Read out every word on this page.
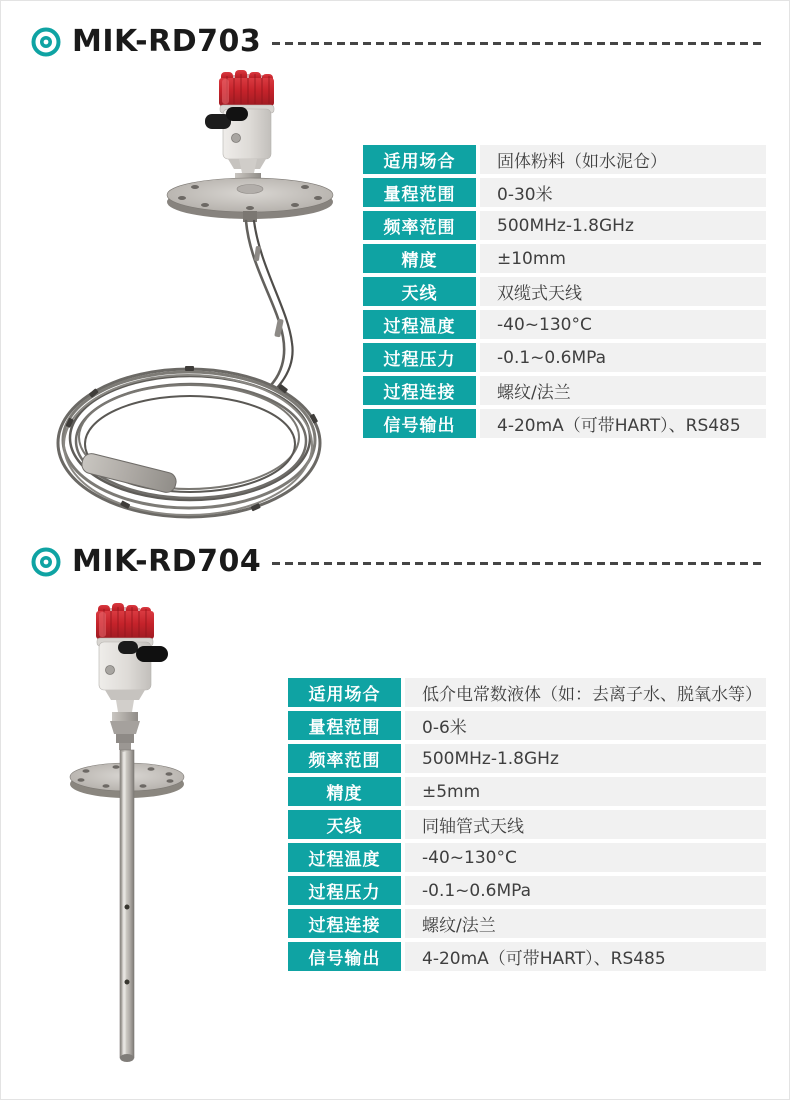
MIK-RD703
适用场合	固体粉料（如水泥仓）
量程范围	0-30米
频率范围	500MHz-1.8GHz
精度	±10mm
天线	双缆式天线
过程温度	-40~130°C
过程压力	-0.1~0.6MPa
过程连接	螺纹/法兰
信号输出	4-20mA（可带HART）、RS485
MIK-RD704
适用场合	低介电常数液体（如：去离子水、脱氧水等）
量程范围	0-6米
频率范围	500MHz-1.8GHz
精度	±5mm
天线	同轴管式天线
过程温度	-40~130°C
过程压力	-0.1~0.6MPa
过程连接	螺纹/法兰
信号输出	4-20mA（可带HART）、RS485
